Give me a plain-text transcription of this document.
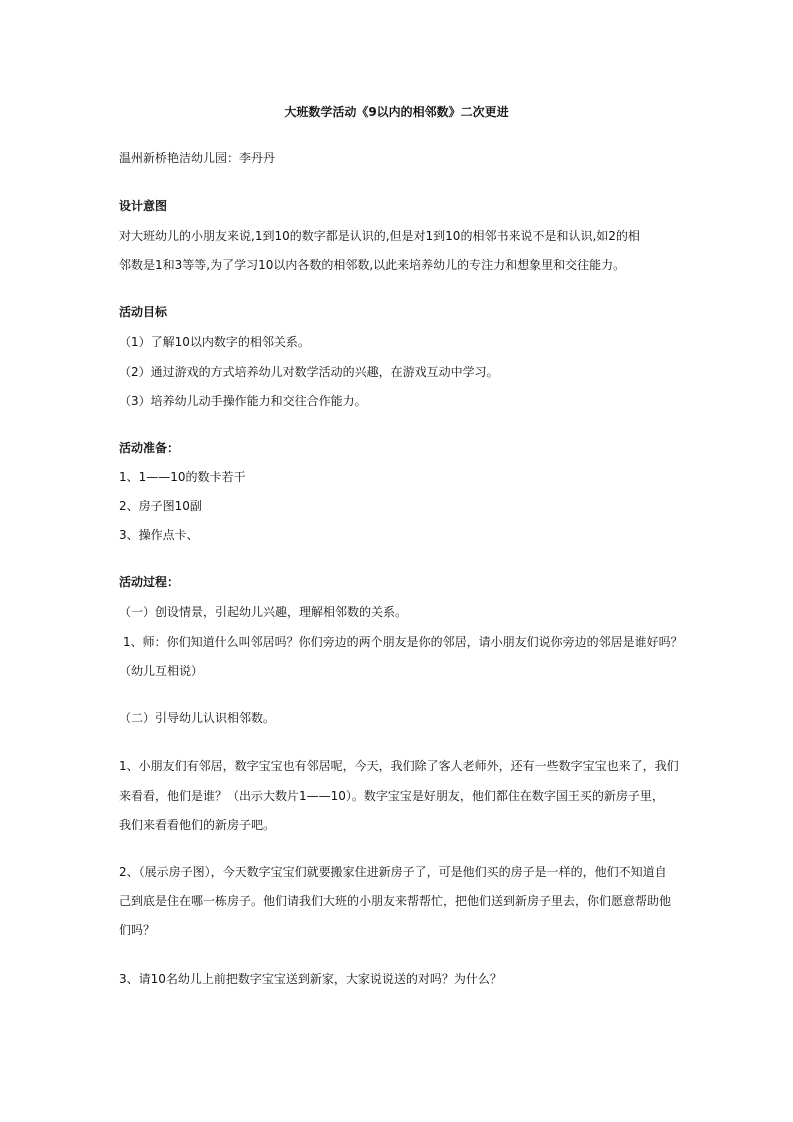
大班数学活动《9以内的相邻数》二次更进
温州新桥艳洁幼儿园：李丹丹
设计意图
对大班幼儿的小朋友来说,1到10的数字都是认识的,但是对1到10的相邻书来说不是和认识,如2的相
邻数是1和3等等,为了学习10以内各数的相邻数,以此来培养幼儿的专注力和想象里和交往能力。
活动目标
（1）了解10以内数字的相邻关系。
（2）通过游戏的方式培养幼儿对数学活动的兴趣，在游戏互动中学习。
（3）培养幼儿动手操作能力和交往合作能力。
活动准备：
1、1——10的数卡若干
2、房子图10副
3、操作点卡、
活动过程：
（一）创设情景，引起幼儿兴趣，理解相邻数的关系。
1、师：你们知道什么叫邻居吗？你们旁边的两个朋友是你的邻居，请小朋友们说你旁边的邻居是谁好吗？
（幼儿互相说）
（二）引导幼儿认识相邻数。
1、小朋友们有邻居，数字宝宝也有邻居呢，今天，我们除了客人老师外，还有一些数字宝宝也来了，我们
来看看，他们是谁？（出示大数片1——10）。数字宝宝是好朋友，他们都住在数字国王买的新房子里，
我们来看看他们的新房子吧。
2、（展示房子图），今天数字宝宝们就要搬家住进新房子了，可是他们买的房子是一样的，他们不知道自
己到底是住在哪一栋房子。他们请我们大班的小朋友来帮帮忙，把他们送到新房子里去，你们愿意帮助他
们吗？
3、请10名幼儿上前把数字宝宝送到新家，大家说说送的对吗？为什么？
